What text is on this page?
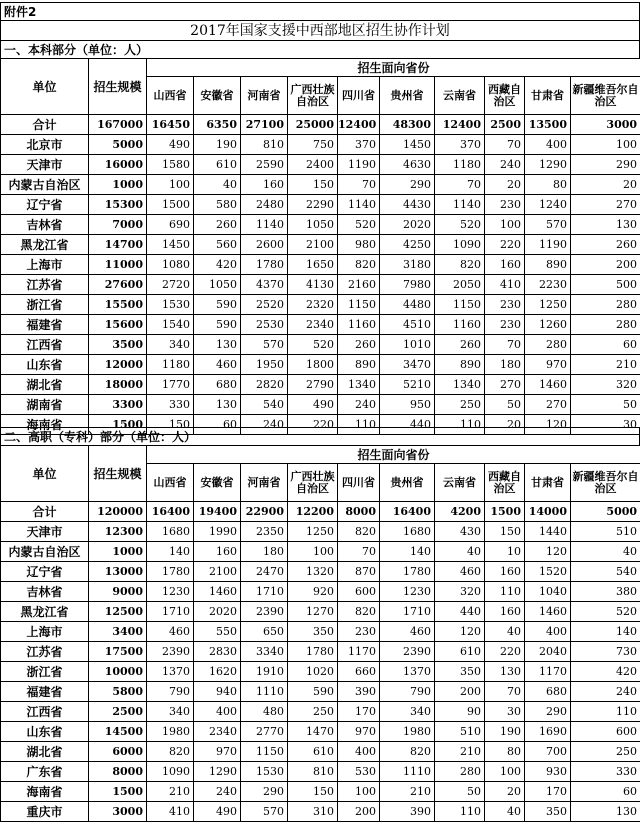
附件2
2017年国家支援中西部地区招生协作计划
一、本科部分（单位：人）
单位	招生规模	招生面向省份									
		山西省	安徽省	河南省	广西壮族自治区	四川省	贵州省	云南省	西藏自治区	甘肃省	新疆维吾尔自治区
合计	167000	16450	6350	27100	25000	12400	48300	12400	2500	13500	3000
北京市	5000	490	190	810	750	370	1450	370	70	400	100
天津市	16000	1580	610	2590	2400	1190	4630	1180	240	1290	290
内蒙古自治区	1000	100	40	160	150	70	290	70	20	80	20
辽宁省	15300	1500	580	2480	2290	1140	4430	1140	230	1240	270
吉林省	7000	690	260	1140	1050	520	2020	520	100	570	130
黑龙江省	14700	1450	560	2600	2100	980	4250	1090	220	1190	260
上海市	11000	1080	420	1780	1650	820	3180	820	160	890	200
江苏省	27600	2720	1050	4370	4130	2160	7980	2050	410	2230	500
浙江省	15500	1530	590	2520	2320	1150	4480	1150	230	1250	280
福建省	15600	1540	590	2530	2340	1160	4510	1160	230	1260	280
江西省	3500	340	130	570	520	260	1010	260	70	280	60
山东省	12000	1180	460	1950	1800	890	3470	890	180	970	210
湖北省	18000	1770	680	2820	2790	1340	5210	1340	270	1460	320
湖南省	3300	330	130	540	490	240	950	250	50	270	50
海南省	1500	150	60	240	220	110	440	110	20	120	30
二、高职（专科）部分（单位：人）
单位	招生规模	招生面向省份									
		山西省	安徽省	河南省	广西壮族自治区	四川省	贵州省	云南省	西藏自治区	甘肃省	新疆维吾尔自治区
合计	120000	16400	19400	22900	12200	8000	16400	4200	1500	14000	5000
天津市	12300	1680	1990	2350	1250	820	1680	430	150	1440	510
内蒙古自治区	1000	140	160	180	100	70	140	40	10	120	40
辽宁省	13000	1780	2100	2470	1320	870	1780	460	160	1520	540
吉林省	9000	1230	1460	1710	920	600	1230	320	110	1040	380
黑龙江省	12500	1710	2020	2390	1270	820	1710	440	160	1460	520
上海市	3400	460	550	650	350	230	460	120	40	400	140
江苏省	17500	2390	2830	3340	1780	1170	2390	610	220	2040	730
浙江省	10000	1370	1620	1910	1020	660	1370	350	130	1170	420
福建省	5800	790	940	1110	590	390	790	200	70	680	240
江西省	2500	340	400	480	250	170	340	90	30	290	110
山东省	14500	1980	2340	2770	1470	970	1980	510	190	1690	600
湖北省	6000	820	970	1150	610	400	820	210	80	700	250
广东省	8000	1090	1290	1530	810	530	1110	280	100	930	330
海南省	1500	210	240	290	150	100	210	50	20	170	60
重庆市	3000	410	490	570	310	200	390	110	40	350	130
